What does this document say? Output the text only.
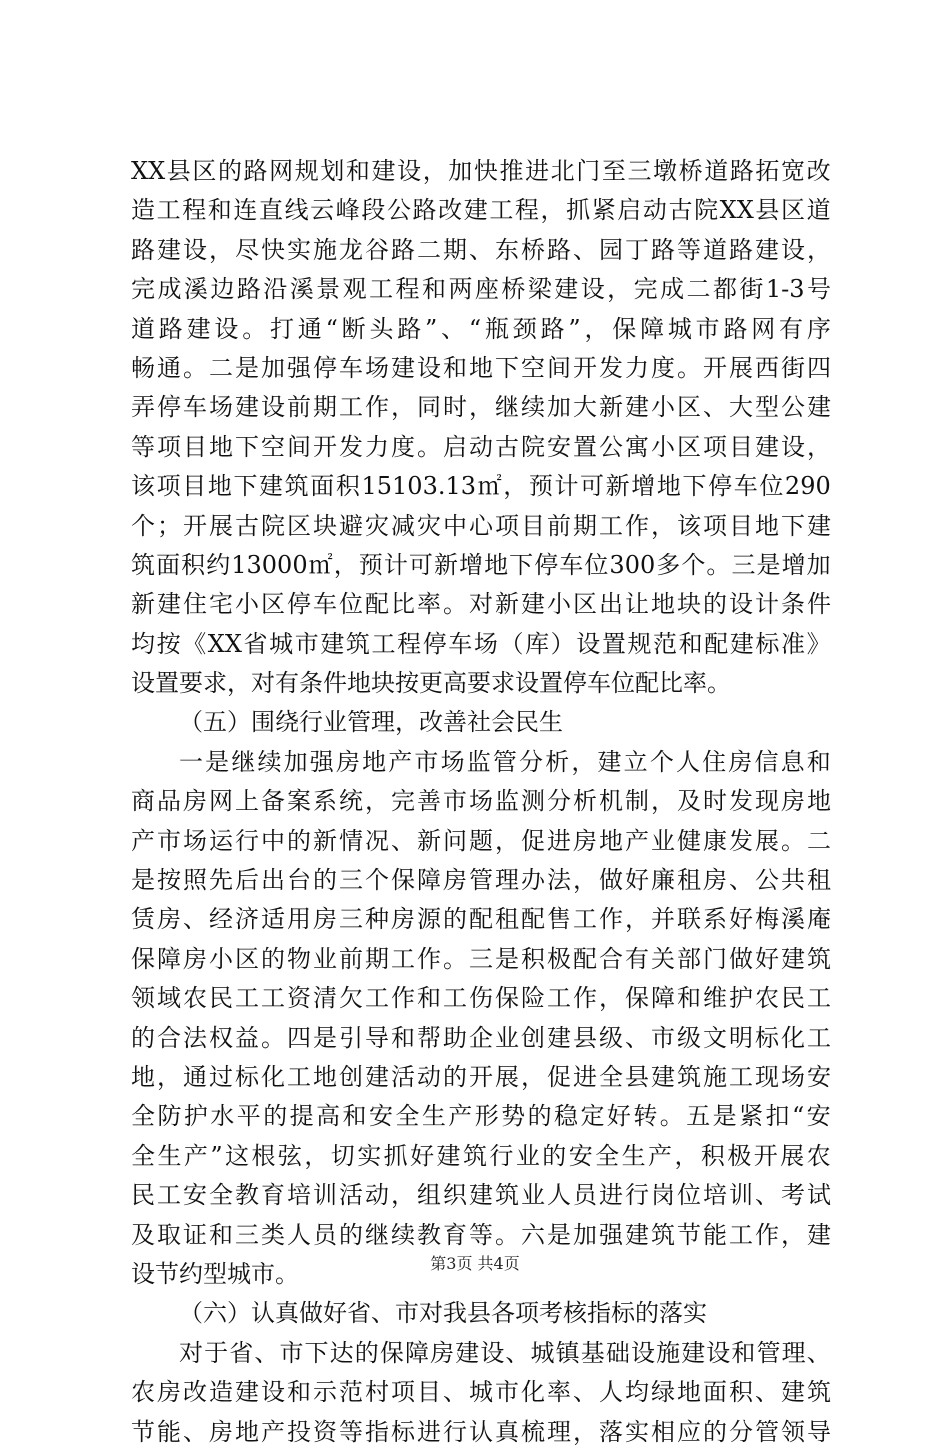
XX 县 区 的 路 网 规 划 和 建 设 ， 加 快 推 进 北 门 至 三 墩 桥 道 路 拓 宽 改
造 工 程 和 连 直 线 云 峰 段 公 路 改 建 工 程 ， 抓 紧 启 动 古 院 XX 县 区 道
路 建 设 ， 尽 快 实 施 龙 谷 路 二 期 、 东 桥 路 、 园 丁 路 等 道 路 建 设 ，
完 成 溪 边 路 沿 溪 景 观 工 程 和 两 座 桥 梁 建 设 ， 完 成 二 都 街 1-3 号
道 路 建 设 。 打 通 “ 断 头 路 ” 、 “ 瓶 颈 路 ” ， 保 障 城 市 路 网 有 序
畅 通 。 二 是 加 强 停 车 场 建 设 和 地 下 空 间 开 发 力 度 。 开 展 西 街 四
弄 停 车 场 建 设 前 期 工 作 ， 同 时 ， 继 续 加 大 新 建 小 区 、 大 型 公 建
等 项 目 地 下 空 间 开 发 力 度 。 启 动 古 院 安 置 公 寓 小 区 项 目 建 设 ，
该 项 目 地 下 建 筑 面 积 15103.13 ㎡ ， 预 计 可 新 增 地 下 停 车 位 290
个 ； 开 展 古 院 区 块 避 灾 减 灾 中 心 项 目 前 期 工 作 ， 该 项 目 地 下 建
筑 面 积 约 13000 ㎡ ， 预 计 可 新 增 地 下 停 车 位 300 多 个 。 三 是 增 加
新 建 住 宅 小 区 停 车 位 配 比 率 。 对 新 建 小 区 出 让 地 块 的 设 计 条 件
均 按 《 XX 省 城 市 建 筑 工 程 停 车 场 （ 库 ） 设 置 规 范 和 配 建 标 准 》
设置要求，对有条件地块按更高要求设置停车位配比率。
（五）围绕行业管理，改善社会民生
一 是 继 续 加 强 房 地 产 市 场 监 管 分 析 ， 建 立 个 人 住 房 信 息 和
商 品 房 网 上 备 案 系 统 ， 完 善 市 场 监 测 分 析 机 制 ， 及 时 发 现 房 地
产 市 场 运 行 中 的 新 情 况 、 新 问 题 ， 促 进 房 地 产 业 健 康 发 展 。 二
是 按 照 先 后 出 台 的 三 个 保 障 房 管 理 办 法 ， 做 好 廉 租 房 、 公 共 租
赁 房 、 经 济 适 用 房 三 种 房 源 的 配 租 配 售 工 作 ， 并 联 系 好 梅 溪 庵
保 障 房 小 区 的 物 业 前 期 工 作 。 三 是 积 极 配 合 有 关 部 门 做 好 建 筑
领 域 农 民 工 工 资 清 欠 工 作 和 工 伤 保 险 工 作 ， 保 障 和 维 护 农 民 工
的 合 法 权 益 。 四 是 引 导 和 帮 助 企 业 创 建 县 级 、 市 级 文 明 标 化 工
地 ， 通 过 标 化 工 地 创 建 活 动 的 开 展 ， 促 进 全 县 建 筑 施 工 现 场 安
全 防 护 水 平 的 提 高 和 安 全 生 产 形 势 的 稳 定 好 转 。 五 是 紧 扣 “ 安
全 生 产 ” 这 根 弦 ， 切 实 抓 好 建 筑 行 业 的 安 全 生 产 ， 积 极 开 展 农
民 工 安 全 教 育 培 训 活 动 ， 组 织 建 筑 业 人 员 进 行 岗 位 培 训 、 考 试
及 取 证 和 三 类 人 员 的 继 续 教 育 等 。 六 是 加 强 建 筑 节 能 工 作 ， 建
设节约型城市。
（六）认真做好省、市对我县各项考核指标的落实
对 于 省 、 市 下 达 的 保 障 房 建 设 、 城 镇 基 础 设 施 建 设 和 管 理 、
农 房 改 造 建 设 和 示 范 村 项 目 、 城 市 化 率 、 人 均 绿 地 面 积 、 建 筑
节 能 、 房 地 产 投 资 等 指 标 进 行 认 真 梳 理 ， 落 实 相 应 的 分 管 领 导
第3页 共4页
